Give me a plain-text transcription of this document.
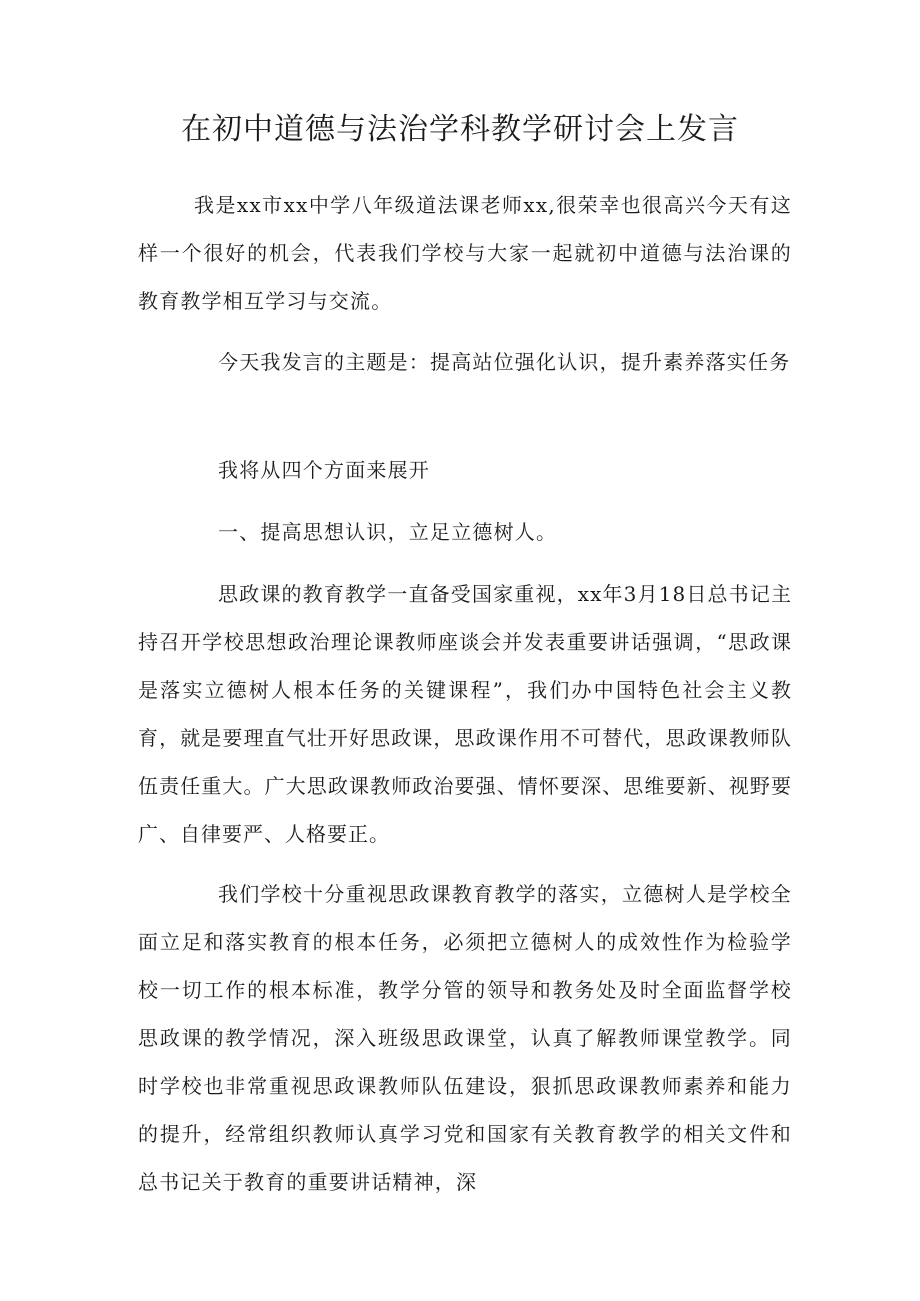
在初中道德与法治学科教学研讨会上发言

我是xx市xx中学八年级道法课老师xx,很荣幸也很高兴今天有这样一个很好的机会，代表我们学校与大家一起就初中道德与法治课的教育教学相互学习与交流。

今天我发言的主题是：提高站位强化认识，提升素养落实任务

我将从四个方面来展开

一、提高思想认识，立足立德树人。

思政课的教育教学一直备受国家重视，xx年3月18日总书记主持召开学校思想政治理论课教师座谈会并发表重要讲话强调，“思政课是落实立德树人根本任务的关键课程”，我们办中国特色社会主义教育，就是要理直气壮开好思政课，思政课作用不可替代，思政课教师队伍责任重大。广大思政课教师政治要强、情怀要深、思维要新、视野要广、自律要严、人格要正。

我们学校十分重视思政课教育教学的落实，立德树人是学校全面立足和落实教育的根本任务，必须把立德树人的成效性作为检验学校一切工作的根本标准，教学分管的领导和教务处及时全面监督学校思政课的教学情况，深入班级思政课堂，认真了解教师课堂教学。同时学校也非常重视思政课教师队伍建设，狠抓思政课教师素养和能力的提升，经常组织教师认真学习党和国家有关教育教学的相关文件和总书记关于教育的重要讲话精神，深
